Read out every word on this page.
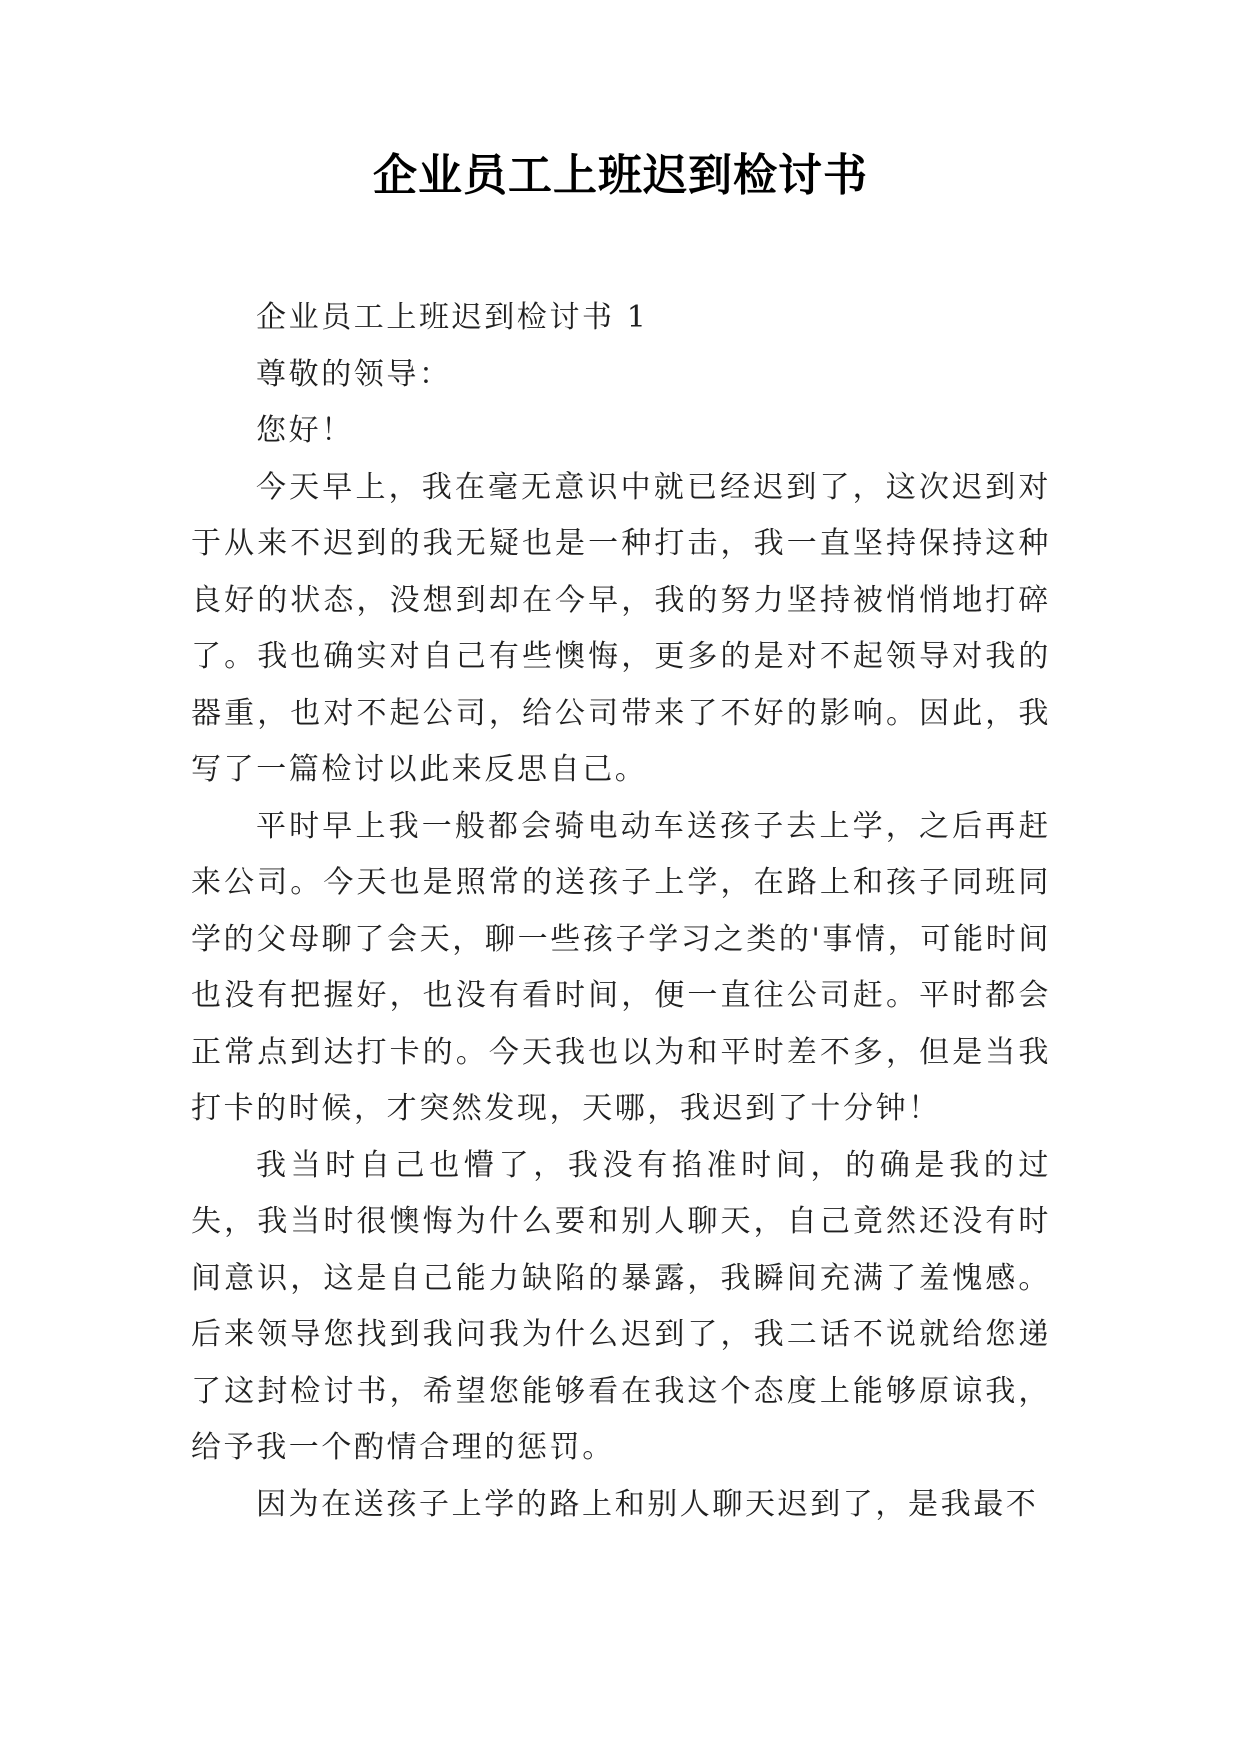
企业员工上班迟到检讨书

企业员工上班迟到检讨书 1

尊敬的领导：

您好！

今天早上，我在毫无意识中就已经迟到了，这次迟到对于从来不迟到的我无疑也是一种打击，我一直坚持保持这种良好的状态，没想到却在今早，我的努力坚持被悄悄地打碎了。我也确实对自己有些懊悔，更多的是对不起领导对我的器重，也对不起公司，给公司带来了不好的影响。因此，我写了一篇检讨以此来反思自己。

平时早上我一般都会骑电动车送孩子去上学，之后再赶来公司。今天也是照常的送孩子上学，在路上和孩子同班同学的父母聊了会天，聊一些孩子学习之类的'事情，可能时间也没有把握好，也没有看时间，便一直往公司赶。平时都会正常点到达打卡的。今天我也以为和平时差不多，但是当我打卡的时候，才突然发现，天哪，我迟到了十分钟！

我当时自己也懵了，我没有掐准时间，的确是我的过失，我当时很懊悔为什么要和别人聊天，自己竟然还没有时间意识，这是自己能力缺陷的暴露，我瞬间充满了羞愧感。后来领导您找到我问我为什么迟到了，我二话不说就给您递了这封检讨书，希望您能够看在我这个态度上能够原谅我，给予我一个酌情合理的惩罚。

因为在送孩子上学的路上和别人聊天迟到了，是我最不
